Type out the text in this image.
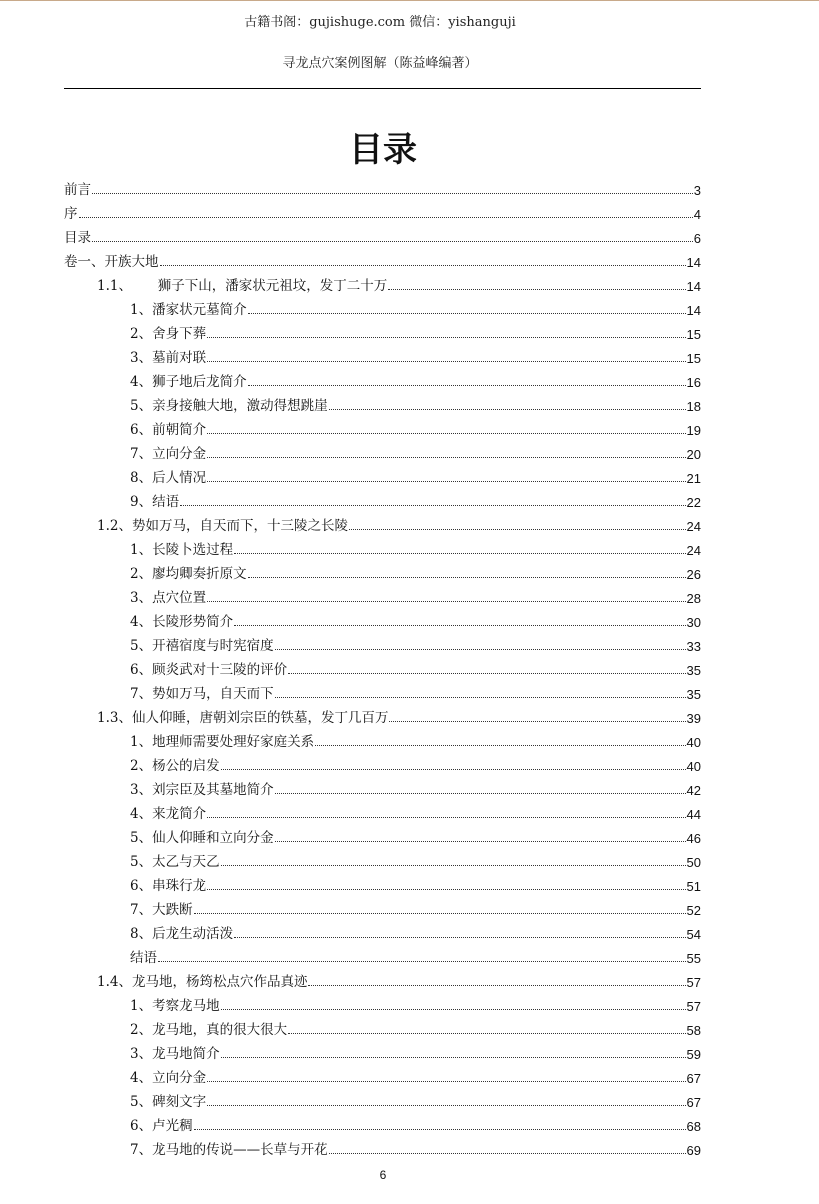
古籍书阁：gujishuge.com 微信：yishanguji
寻龙点穴案例图解（陈益峰编著）
目录
前言	3
序	4
目录	6
卷一、开族大地	14
1.1、      狮子下山，潘家状元祖坟，发丁二十万	14
1、潘家状元墓简介	14
2、舍身下葬	15
3、墓前对联	15
4、狮子地后龙简介	16
5、亲身接触大地，激动得想跳崖	18
6、前朝简介	19
7、立向分金	20
8、后人情况	21
9、结语	22
1.2、势如万马，自天而下，十三陵之长陵	24
1、长陵卜选过程	24
2、廖均卿奏折原文	26
3、点穴位置	28
4、长陵形势简介	30
5、开禧宿度与时宪宿度	33
6、顾炎武对十三陵的评价	35
7、势如万马，自天而下	35
1.3、仙人仰睡，唐朝刘宗臣的铁墓，发丁几百万	39
1、地理师需要处理好家庭关系	40
2、杨公的启发	40
3、刘宗臣及其墓地简介	42
4、来龙简介	44
5、仙人仰睡和立向分金	46
5、太乙与天乙	50
6、串珠行龙	51
7、大跌断	52
8、后龙生动活泼	54
结语	55
1.4、龙马地，杨筠松点穴作品真迹	57
1、考察龙马地	57
2、龙马地，真的很大很大	58
3、龙马地简介	59
4、立向分金	67
5、碑刻文字	67
6、卢光稠	68
7、龙马地的传说——长草与开花	69
6
